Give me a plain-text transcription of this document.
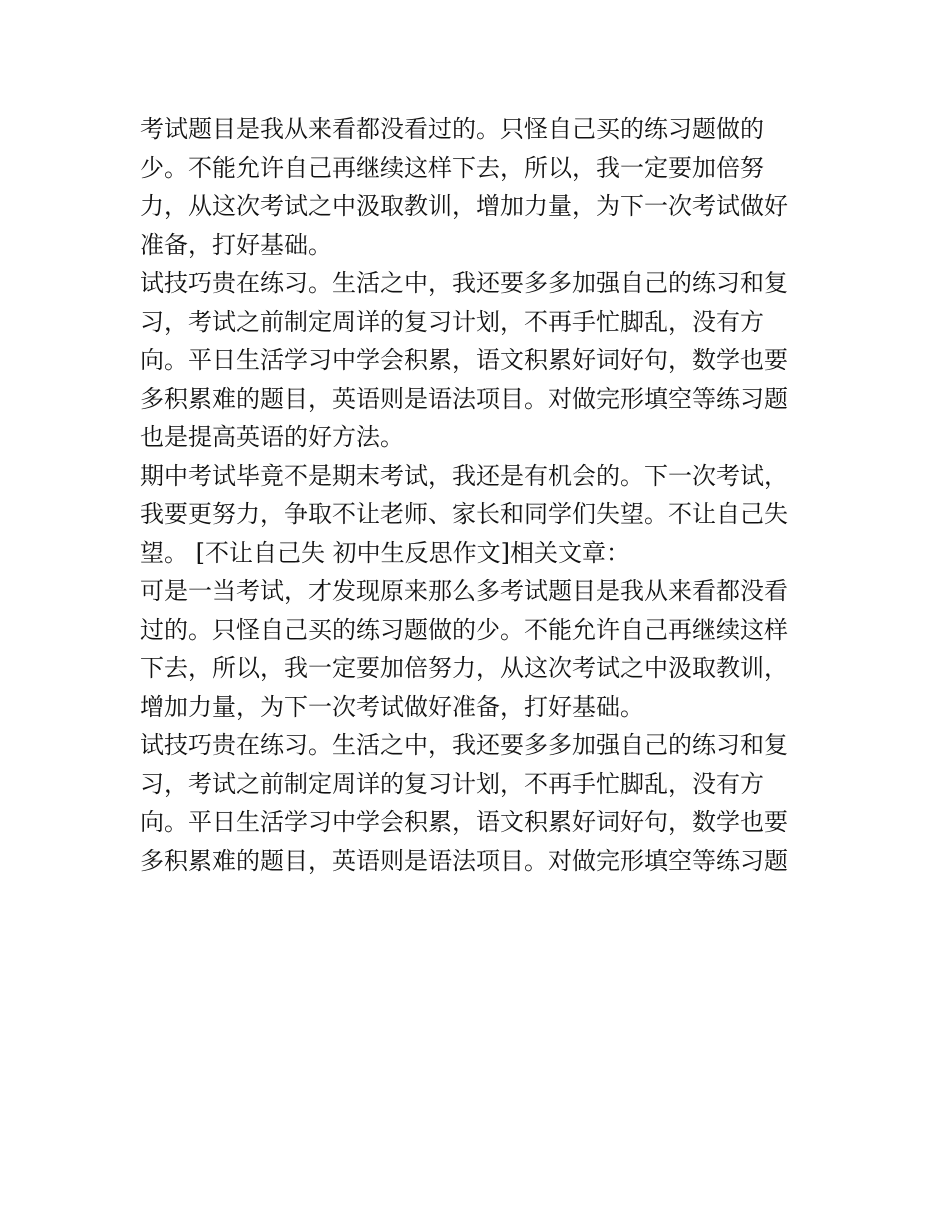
考试题目是我从来看都没看过的。只怪自己买的练习题做的

少。不能允许自己再继续这样下去，所以，我一定要加倍努

力，从这次考试之中汲取教训，增加力量，为下一次考试做好

准备，打好基础。

试技巧贵在练习。生活之中，我还要多多加强自己的练习和复

习，考试之前制定周详的复习计划，不再手忙脚乱，没有方

向。平日生活学习中学会积累，语文积累好词好句，数学也要

多积累难的题目，英语则是语法项目。对做完形填空等练习题

也是提高英语的好方法。

期中考试毕竟不是期末考试，我还是有机会的。下一次考试，

我要更努力，争取不让老师、家长和同学们失望。不让自己失

望。 [不让自己失 初中生反思作文]相关文章：

可是一当考试，才发现原来那么多考试题目是我从来看都没看

过的。只怪自己买的练习题做的少。不能允许自己再继续这样

下去，所以，我一定要加倍努力，从这次考试之中汲取教训，

增加力量，为下一次考试做好准备，打好基础。

试技巧贵在练习。生活之中，我还要多多加强自己的练习和复

习，考试之前制定周详的复习计划，不再手忙脚乱，没有方

向。平日生活学习中学会积累，语文积累好词好句，数学也要

多积累难的题目，英语则是语法项目。对做完形填空等练习题
